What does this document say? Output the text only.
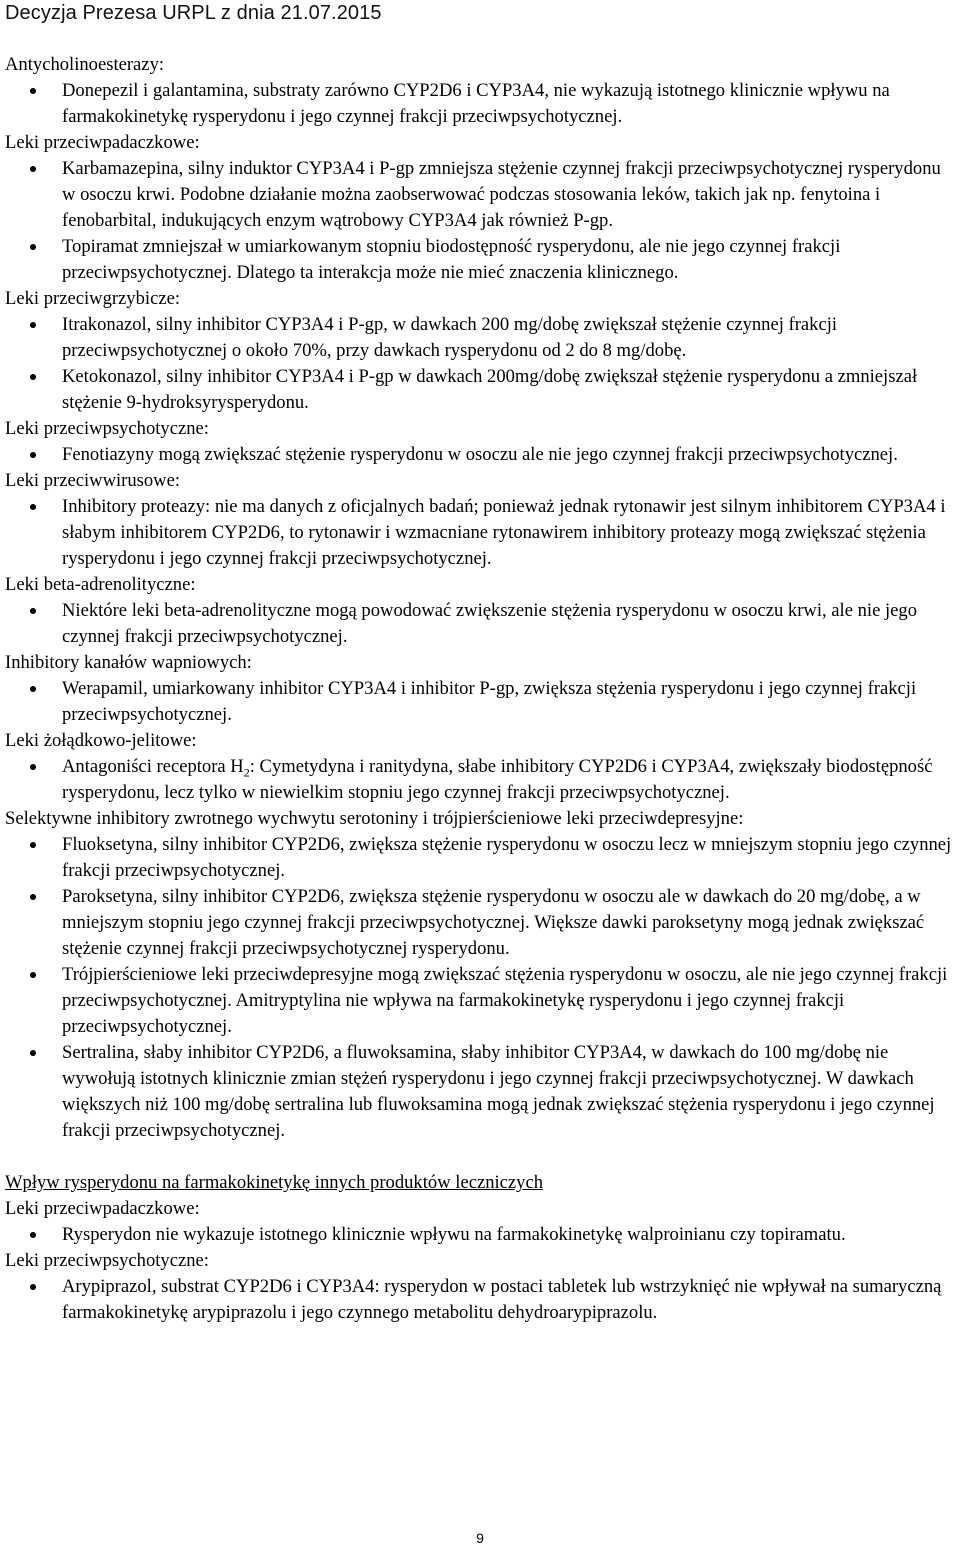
Decyzja Prezesa URPL z dnia 21.07.2015

Antycholinoesterazy:

Donepezil i galantamina, substraty zarówno CYP2D6 i CYP3A4, nie wykazują istotnego klinicznie wpływu na farmakokinetykę rysperydonu i jego czynnej frakcji przeciwpsychotycznej.

Leki przeciwpadaczkowe:

Karbamazepina, silny induktor CYP3A4 i P-gp zmniejsza stężenie czynnej frakcji przeciwpsychotycznej rysperydonu w osoczu krwi. Podobne działanie można zaobserwować podczas stosowania leków, takich jak np. fenytoina i fenobarbital, indukujących enzym wątrobowy CYP3A4 jak również P-gp.
Topiramat zmniejszał w umiarkowanym stopniu biodostępność rysperydonu, ale nie jego czynnej frakcji przeciwpsychotycznej. Dlatego ta interakcja może nie mieć znaczenia klinicznego.

Leki przeciwgrzybicze:

Itrakonazol, silny inhibitor CYP3A4 i P-gp, w dawkach 200 mg/dobę zwiększał stężenie czynnej frakcji przeciwpsychotycznej o około 70%, przy dawkach rysperydonu od 2 do 8 mg/dobę.
Ketokonazol, silny inhibitor CYP3A4 i P-gp w dawkach 200mg/dobę zwiększał stężenie rysperydonu a zmniejszał stężenie 9-hydroksyrysperydonu.

Leki przeciwpsychotyczne:

Fenotiazyny mogą zwiększać stężenie rysperydonu w osoczu ale nie jego czynnej frakcji przeciwpsychotycznej.

Leki przeciwwirusowe:

Inhibitory proteazy: nie ma danych z oficjalnych badań; ponieważ jednak rytonawir jest silnym inhibitorem CYP3A4 i słabym inhibitorem CYP2D6, to rytonawir i wzmacniane rytonawirem inhibitory proteazy mogą zwiększać stężenia rysperydonu i jego czynnej frakcji przeciwpsychotycznej.

Leki beta-adrenolityczne:

Niektóre leki beta-adrenolityczne mogą powodować zwiększenie stężenia rysperydonu w osoczu krwi, ale nie jego czynnej frakcji przeciwpsychotycznej.

Inhibitory kanałów wapniowych:

Werapamil, umiarkowany inhibitor CYP3A4 i inhibitor P-gp, zwiększa stężenia rysperydonu i jego czynnej frakcji przeciwpsychotycznej.

Leki żołądkowo-jelitowe:

Antagoniści receptora $H_2$: Cymetydyna i ranitydyna, słabe inhibitory CYP2D6 i CYP3A4, zwiększały biodostępność rysperydonu, lecz tylko w niewielkim stopniu jego czynnej frakcji przeciwpsychotycznej.

Selektywne inhibitory zwrotnego wychwytu serotoniny i trójpierścieniowe leki przeciwdepresyjne:

Fluoksetyna, silny inhibitor CYP2D6, zwiększa stężenie rysperydonu w osoczu lecz w mniejszym stopniu jego czynnej frakcji przeciwpsychotycznej.
Paroksetyna, silny inhibitor CYP2D6, zwiększa stężenie rysperydonu w osoczu ale w dawkach do 20 mg/dobę, a w mniejszym stopniu jego czynnej frakcji przeciwpsychotycznej. Większe dawki paroksetyny mogą jednak zwiększać stężenie czynnej frakcji przeciwpsychotycznej rysperydonu.
Trójpierścieniowe leki przeciwdepresyjne mogą zwiększać stężenia rysperydonu w osoczu, ale nie jego czynnej frakcji przeciwpsychotycznej. Amitryptylina nie wpływa na farmakokinetykę rysperydonu i jego czynnej frakcji przeciwpsychotycznej.
Sertralina, słaby inhibitor CYP2D6, a fluwoksamina, słaby inhibitor CYP3A4, w dawkach do 100 mg/dobę nie wywołują istotnych klinicznie zmian stężeń rysperydonu i jego czynnej frakcji przeciwpsychotycznej. W dawkach większych niż 100 mg/dobę sertralina lub fluwoksamina mogą jednak zwiększać stężenia rysperydonu i jego czynnej frakcji przeciwpsychotycznej.

Wpływ rysperydonu na farmakokinetykę innych produktów leczniczych

Leki przeciwpadaczkowe:

Rysperydon nie wykazuje istotnego klinicznie wpływu na farmakokinetykę walproinianu czy topiramatu.

Leki przeciwpsychotyczne:

Arypiprazol, substrat CYP2D6 i CYP3A4: rysperydon w postaci tabletek lub wstrzyknięć nie wpływał na sumaryczną farmakokinetykę arypiprazolu i jego czynnego metabolitu dehydroarypiprazolu.
9
